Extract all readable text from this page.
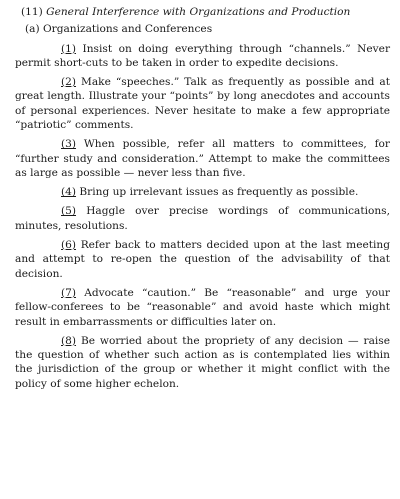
(11) General Interference with Organizations and Production
(a) Organizations and Conferences
(1) Insist on doing everything through “channels.” Never permit short-cuts to be taken in order to expedite decisions.
(2) Make “speeches.” Talk as frequently as possible and at great length. Illustrate your “points” by long anecdotes and accounts of personal experiences. Never hesitate to make a few appropriate “patriotic” comments.
(3) When possible, refer all matters to committees, for “further study and consideration.” Attempt to make the committees as large as possible — never less than five.
(4) Bring up irrelevant issues as frequently as possible.
(5) Haggle over precise wordings of communications, minutes, resolutions.
(6) Refer back to matters decided upon at the last meeting and attempt to re-open the question of the advisability of that decision.
(7) Advocate “caution.” Be “reasonable” and urge your fellow-conferees to be “reasonable” and avoid haste which might result in embarrassments or difficulties later on.
(8) Be worried about the propriety of any decision — raise the question of whether such action as is contemplated lies within the jurisdiction of the group or whether it might conflict with the policy of some higher echelon.
